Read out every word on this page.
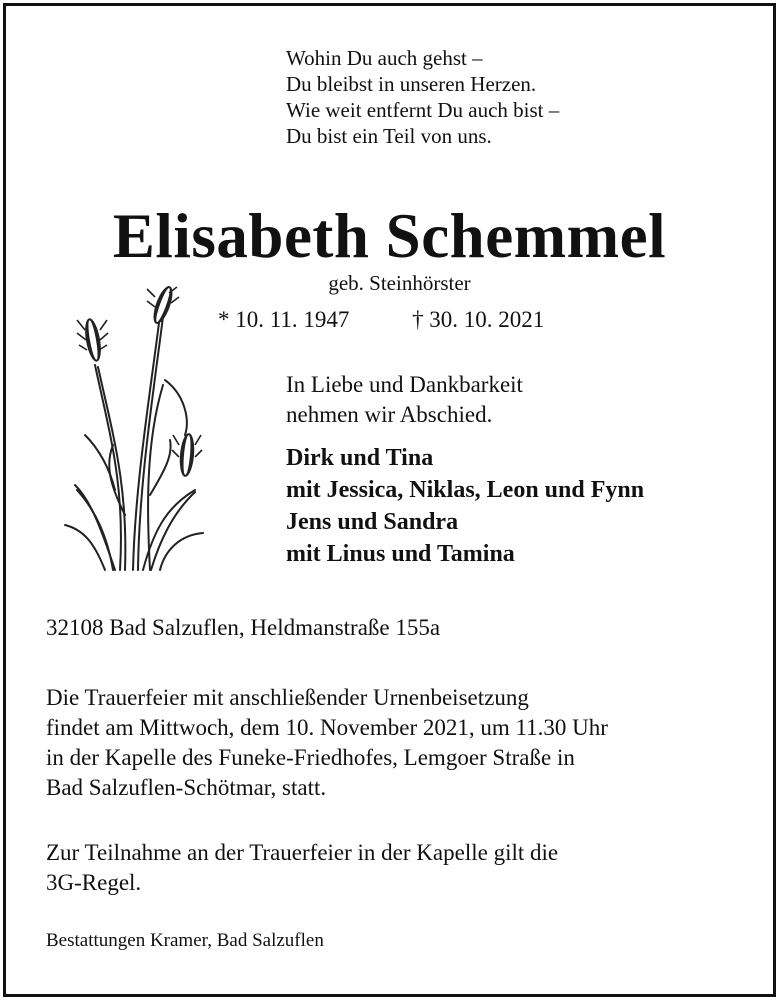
Wohin Du auch gehst –
Du bleibst in unseren Herzen.
Wie weit entfernt Du auch bist –
Du bist ein Teil von uns.
Elisabeth Schemmel
geb. Steinhörster
* 10. 11. 1947	† 30. 10. 2021
In Liebe und Dankbarkeit
nehmen wir Abschied.
Dirk und Tina
mit Jessica, Niklas, Leon und Fynn
Jens und Sandra
mit Linus und Tamina
32108 Bad Salzuflen, Heldmanstraße 155a
Die Trauerfeier mit anschließender Urnenbeisetzung
findet am Mittwoch, dem 10. November 2021, um 11.30 Uhr
in der Kapelle des Funeke-Friedhofes, Lemgoer Straße in
Bad Salzuflen-Schötmar, statt.
Zur Teilnahme an der Trauerfeier in der Kapelle gilt die
3G-Regel.
Bestattungen Kramer, Bad Salzuflen
